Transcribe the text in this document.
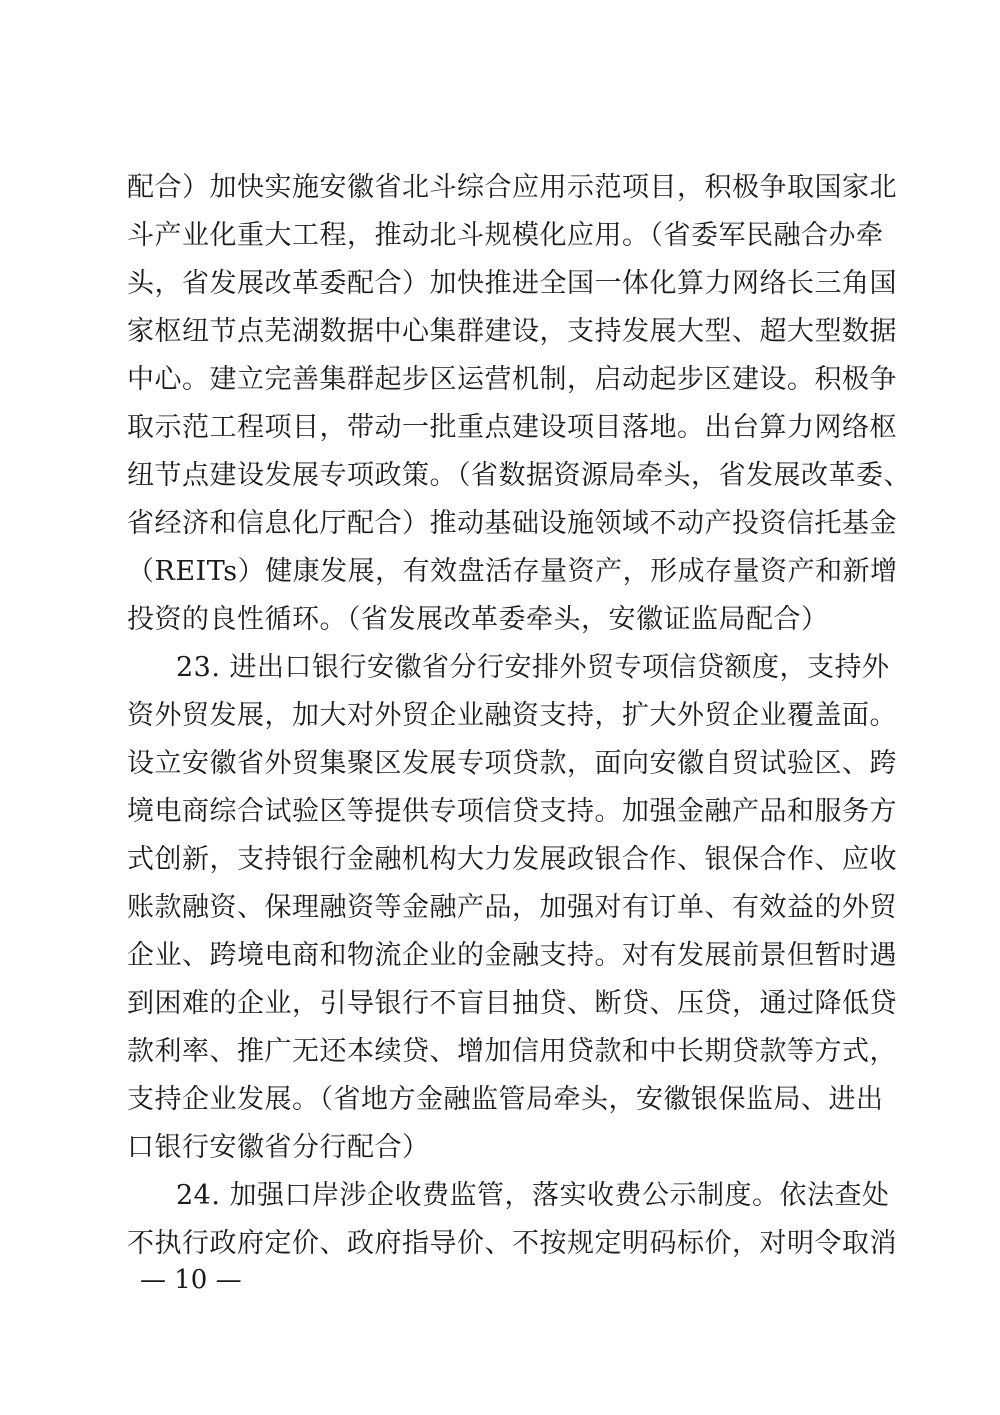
配合）加快实施安徽省北斗综合应用示范项目，积极争取国家北
斗产业化重大工程，推动北斗规模化应用。（省委军民融合办牵
头，省发展改革委配合）加快推进全国一体化算力网络长三角国
家枢纽节点芜湖数据中心集群建设，支持发展大型、超大型数据
中心。建立完善集群起步区运营机制，启动起步区建设。积极争
取示范工程项目，带动一批重点建设项目落地。出台算力网络枢
纽节点建设发展专项政策。（省数据资源局牵头，省发展改革委、
省经济和信息化厅配合）推动基础设施领域不动产投资信托基金
（REITs）健康发展，有效盘活存量资产，形成存量资产和新增
投资的良性循环。（省发展改革委牵头，安徽证监局配合）
23. 进出口银行安徽省分行安排外贸专项信贷额度，支持外
资外贸发展，加大对外贸企业融资支持，扩大外贸企业覆盖面。
设立安徽省外贸集聚区发展专项贷款，面向安徽自贸试验区、跨
境电商综合试验区等提供专项信贷支持。加强金融产品和服务方
式创新，支持银行金融机构大力发展政银合作、银保合作、应收
账款融资、保理融资等金融产品，加强对有订单、有效益的外贸
企业、跨境电商和物流企业的金融支持。对有发展前景但暂时遇
到困难的企业，引导银行不盲目抽贷、断贷、压贷，通过降低贷
款利率、推广无还本续贷、增加信用贷款和中长期贷款等方式，
支持企业发展。（省地方金融监管局牵头，安徽银保监局、进出
口银行安徽省分行配合）
24. 加强口岸涉企收费监管，落实收费公示制度。依法查处
不执行政府定价、政府指导价、不按规定明码标价，对明令取消
— 10 —
